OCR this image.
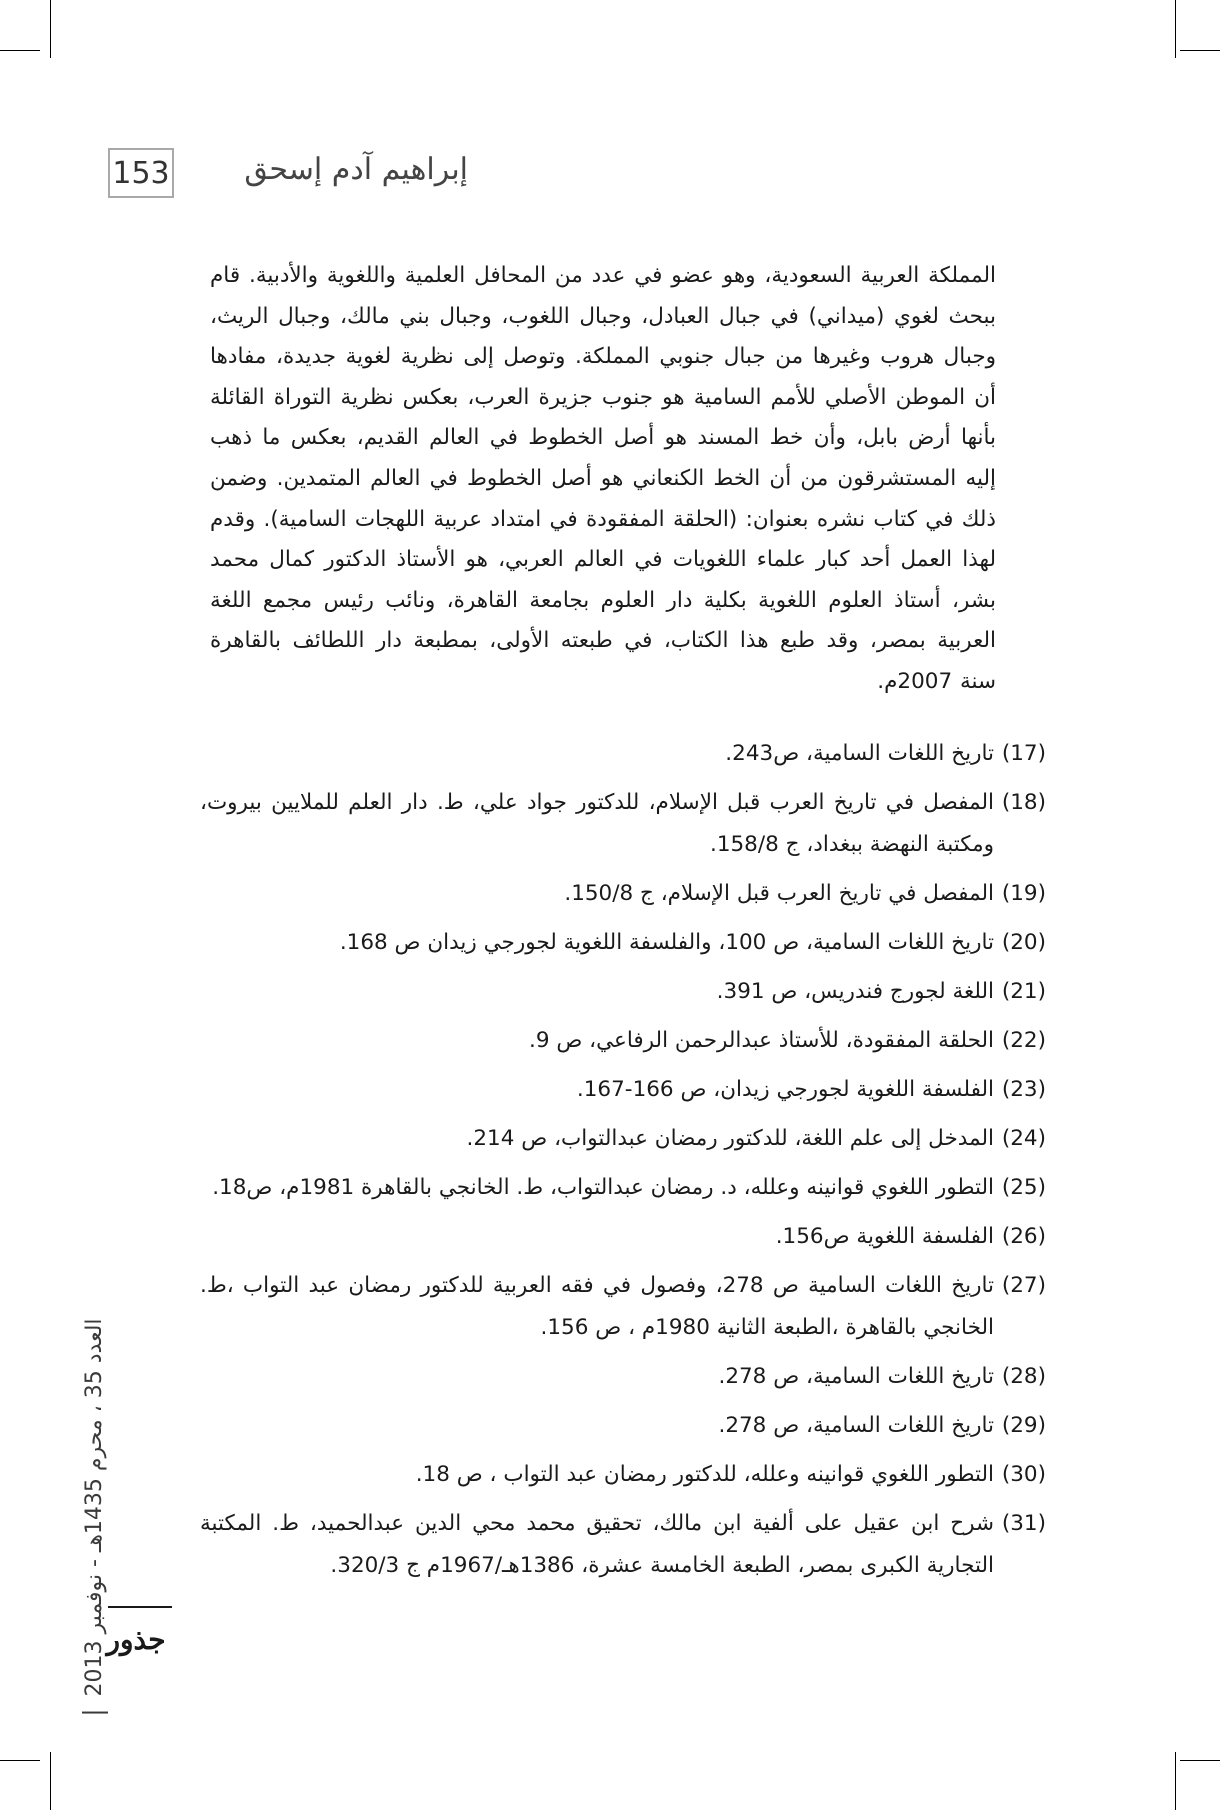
153 إبراهيم آدم إسحق
المملكة العربية السعودية، وهو عضو في عدد من المحافل العلمية واللغوية والأدبية. قام ببحث لغوي (ميداني) في جبال العبادل، وجبال اللغوب، وجبال بني مالك، وجبال الريث، وجبال هروب وغيرها من جبال جنوبي المملكة. وتوصل إلى نظرية لغوية جديدة، مفادها أن الموطن الأصلي للأمم السامية هو جنوب جزيرة العرب، بعكس نظرية التوراة القائلة بأنها أرض بابل، وأن خط المسند هو أصل الخطوط في العالم القديم، بعكس ما ذهب إليه المستشرقون من أن الخط الكنعاني هو أصل الخطوط في العالم المتمدين. وضمن ذلك في كتاب نشره بعنوان: (الحلقة المفقودة في امتداد عربية اللهجات السامية). وقدم لهذا العمل أحد كبار علماء اللغويات في العالم العربي، هو الأستاذ الدكتور كمال محمد بشر، أستاذ العلوم اللغوية بكلية دار العلوم بجامعة القاهرة، ونائب رئيس مجمع اللغة العربية بمصر، وقد طبع هذا الكتاب، في طبعته الأولى، بمطبعة دار اللطائف بالقاهرة سنة 2007م.
(17)
تاريخ اللغات السامية، ص243.
(18)
المفصل في تاريخ العرب قبل الإسلام، للدكتور جواد علي، ط. دار العلم للملايين بيروت، ومكتبة النهضة ببغداد، ج 158/8.
(19)
المفصل في تاريخ العرب قبل الإسلام، ج 150/8.
(20)
تاريخ اللغات السامية، ص 100، والفلسفة اللغوية لجورجي زيدان ص 168.
(21)
اللغة لجورج فندريس، ص 391.
(22)
الحلقة المفقودة، للأستاذ عبدالرحمن الرفاعي، ص 9.
(23)
الفلسفة اللغوية لجورجي زيدان، ص 166-167.
(24)
المدخل إلى علم اللغة، للدكتور رمضان عبدالتواب، ص 214.
(25)
التطور اللغوي قوانينه وعلله، د. رمضان عبدالتواب، ط. الخانجي بالقاهرة 1981م، ص18.
(26)
الفلسفة اللغوية ص156.
(27)
تاريخ اللغات السامية ص 278، وفصول في فقه العربية للدكتور رمضان عبد التواب ،ط. الخانجي بالقاهرة ،الطبعة الثانية 1980م ، ص 156.
(28)
تاريخ اللغات السامية، ص 278.
(29)
تاريخ اللغات السامية، ص 278.
(30)
التطور اللغوي قوانينه وعلله، للدكتور رمضان عبد التواب ، ص 18.
(31)
شرح ابن عقيل على ألفية ابن مالك، تحقيق محمد محي الدين عبدالحميد، ط. المكتبة التجارية الكبرى بمصر، الطبعة الخامسة عشرة، 1386هـ/1967م ج 320/3.
العدد 35 ، محرم 1435هـ - نوفمبر 2013
جذور
